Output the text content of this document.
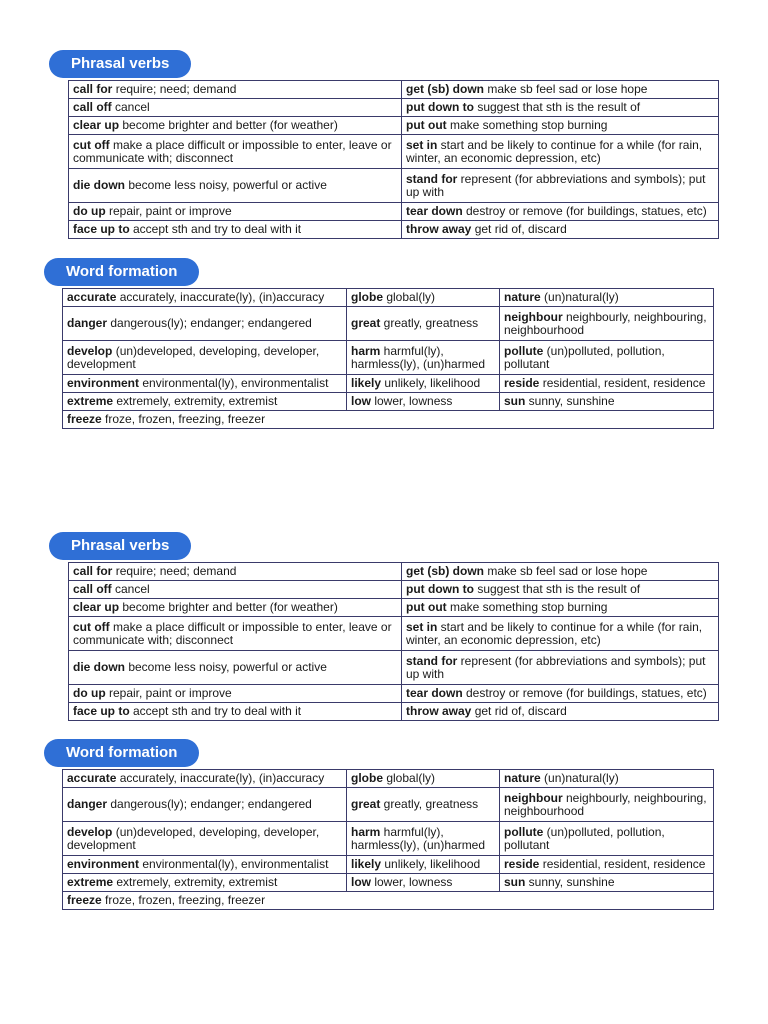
Phrasal verbs
call for require; need; demand	get (sb) down make sb feel sad or lose hope
call off cancel	put down to suggest that sth is the result of
clear up become brighter and better (for weather)	put out make something stop burning
cut off make a place difficult or impossible to enter, leave or communicate with; disconnect	set in start and be likely to continue for a while (for rain, winter, an economic depression, etc)
die down become less noisy, powerful or active	stand for represent (for abbreviations and symbols); put up with
do up repair, paint or improve	tear down destroy or remove (for buildings, statues, etc)
face up to accept sth and try to deal with it	throw away get rid of, discard
Word formation
accurate accurately, inaccurate(ly), (in)accuracy	globe global(ly)	nature (un)natural(ly)
danger dangerous(ly); endanger; endangered	great greatly, greatness	neighbour neighbourly, neighbouring, neighbourhood
develop (un)developed, developing, developer, development	harm harmful(ly), harmless(ly), (un)harmed	pollute (un)polluted, pollution, pollutant
environment environmental(ly), environmentalist	likely unlikely, likelihood	reside residential, resident, residence
extreme extremely, extremity, extremist	low lower, lowness	sun sunny, sunshine
freeze froze, frozen, freezing, freezer		
Phrasal verbs
call for require; need; demand	get (sb) down make sb feel sad or lose hope
call off cancel	put down to suggest that sth is the result of
clear up become brighter and better (for weather)	put out make something stop burning
cut off make a place difficult or impossible to enter, leave or communicate with; disconnect	set in start and be likely to continue for a while (for rain, winter, an economic depression, etc)
die down become less noisy, powerful or active	stand for represent (for abbreviations and symbols); put up with
do up repair, paint or improve	tear down destroy or remove (for buildings, statues, etc)
face up to accept sth and try to deal with it	throw away get rid of, discard
Word formation
accurate accurately, inaccurate(ly), (in)accuracy	globe global(ly)	nature (un)natural(ly)
danger dangerous(ly); endanger; endangered	great greatly, greatness	neighbour neighbourly, neighbouring, neighbourhood
develop (un)developed, developing, developer, development	harm harmful(ly), harmless(ly), (un)harmed	pollute (un)polluted, pollution, pollutant
environment environmental(ly), environmentalist	likely unlikely, likelihood	reside residential, resident, residence
extreme extremely, extremity, extremist	low lower, lowness	sun sunny, sunshine
freeze froze, frozen, freezing, freezer		
